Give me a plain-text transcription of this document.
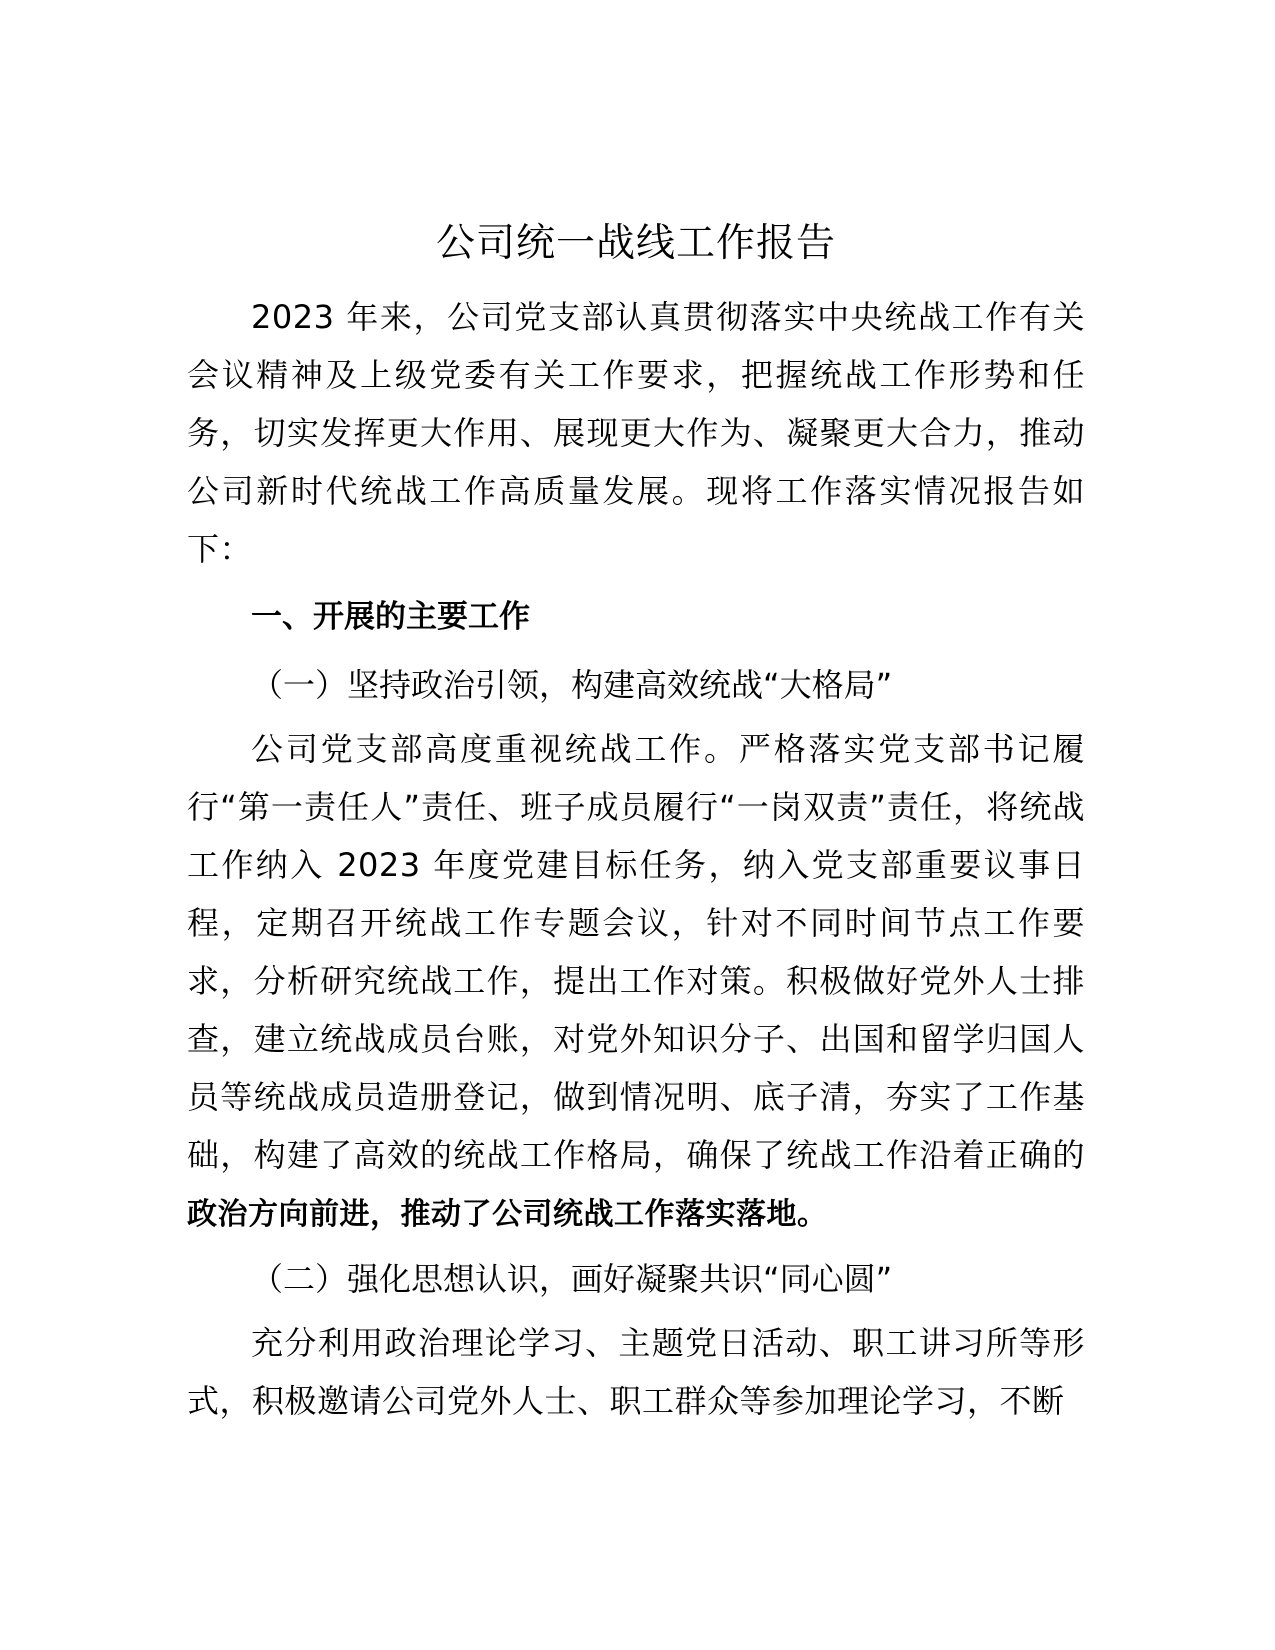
公司统一战线工作报告

2023 年来，公司党支部认真贯彻落实中央统战工作有关会议精神及上级党委有关工作要求，把握统战工作形势和任务，切实发挥更大作用、展现更大作为、凝聚更大合力，推动公司新时代统战工作高质量发展。现将工作落实情况报告如下：

一、开展的主要工作

（一）坚持政治引领，构建高效统战“大格局”

公司党支部高度重视统战工作。严格落实党支部书记履行“第一责任人”责任、班子成员履行“一岗双责”责任，将统战工作纳入 2023 年度党建目标任务，纳入党支部重要议事日程，定期召开统战工作专题会议，针对不同时间节点工作要求，分析研究统战工作，提出工作对策。积极做好党外人士排查，建立统战成员台账，对党外知识分子、出国和留学归国人员等统战成员造册登记，做到情况明、底子清，夯实了工作基础，构建了高效的统战工作格局，确保了统战工作沿着正确的政治方向前进，推动了公司统战工作落实落地。

（二）强化思想认识，画好凝聚共识“同心圆”

充分利用政治理论学习、主题党日活动、职工讲习所等形式，积极邀请公司党外人士、职工群众等参加理论学习，不断
